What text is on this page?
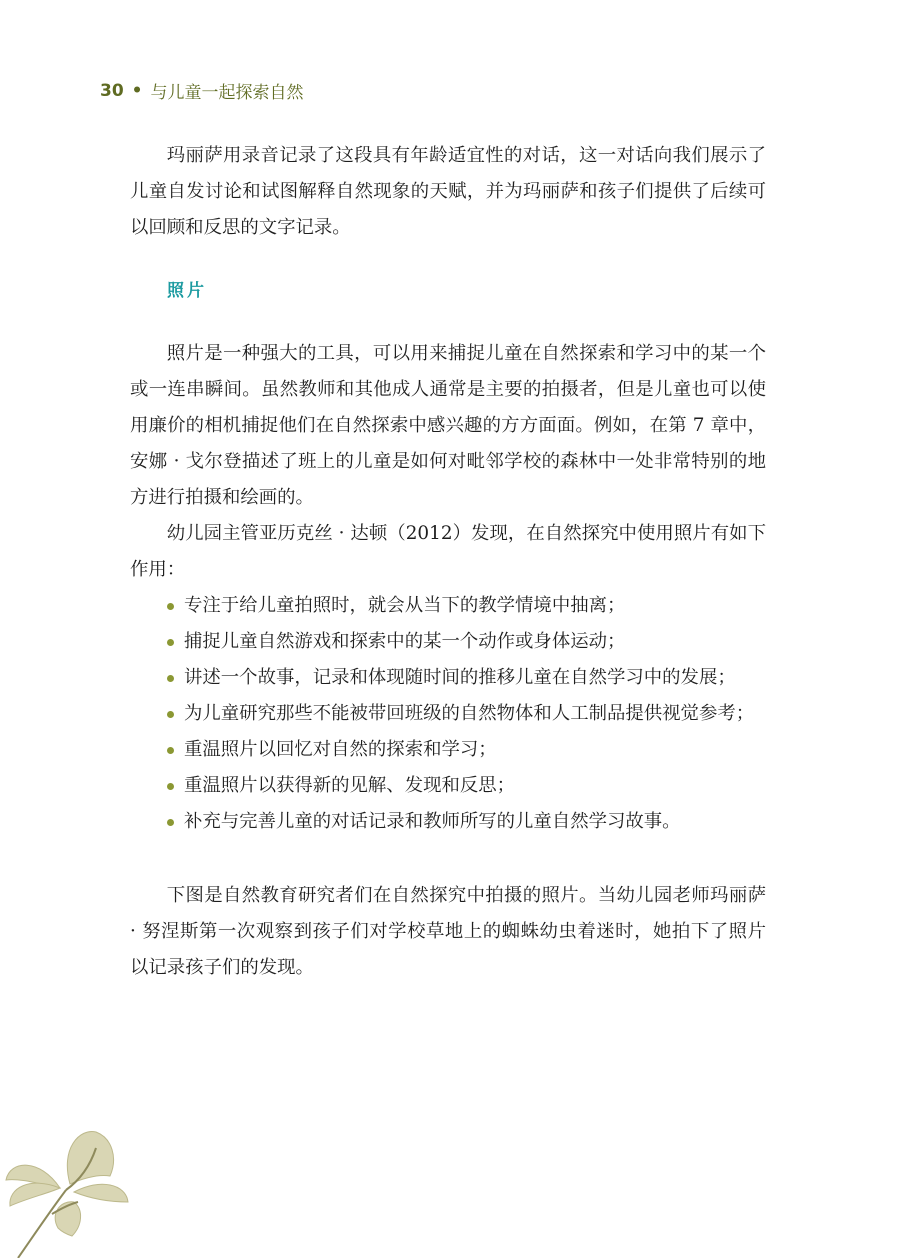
30 • 与儿童一起探索自然

玛丽萨用录音记录了这段具有年龄适宜性的对话，这一对话向我们展示了儿童自发讨论和试图解释自然现象的天赋，并为玛丽萨和孩子们提供了后续可以回顾和反思的文字记录。

照片

照片是一种强大的工具，可以用来捕捉儿童在自然探索和学习中的某一个或一连串瞬间。虽然教师和其他成人通常是主要的拍摄者，但是儿童也可以使用廉价的相机捕捉他们在自然探索中感兴趣的方方面面。例如，在第 7 章中，安娜 · 戈尔登描述了班上的儿童是如何对毗邻学校的森林中一处非常特别的地方进行拍摄和绘画的。

幼儿园主管亚历克丝 · 达顿（2012）发现，在自然探究中使用照片有如下作用：

专注于给儿童拍照时，就会从当下的教学情境中抽离；
捕捉儿童自然游戏和探索中的某一个动作或身体运动；
讲述一个故事，记录和体现随时间的推移儿童在自然学习中的发展；
为儿童研究那些不能被带回班级的自然物体和人工制品提供视觉参考；
重温照片以回忆对自然的探索和学习；
重温照片以获得新的见解、发现和反思；
补充与完善儿童的对话记录和教师所写的儿童自然学习故事。

下图是自然教育研究者们在自然探究中拍摄的照片。当幼儿园老师玛丽萨 · 努涅斯第一次观察到孩子们对学校草地上的蜘蛛幼虫着迷时，她拍下了照片以记录孩子们的发现。
